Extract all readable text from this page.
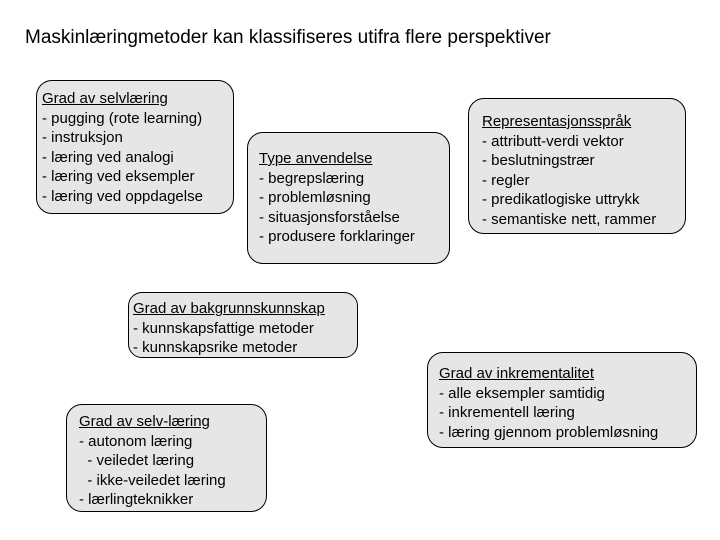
Maskinlæringmetoder kan klassifiseres utifra flere perspektiver
Grad av selvlæring
- pugging (rote learning)
- instruksjon
- læring ved analogi
- læring ved eksempler
- læring ved oppdagelse
Type anvendelse
- begrepslæring
- problemløsning
- situasjonsforståelse
- produsere forklaringer
Representasjonsspråk
- attributt-verdi vektor
- beslutningstrær
- regler
- predikatlogiske uttrykk
- semantiske nett, rammer
Grad av bakgrunnskunnskap
- kunnskapsfattige metoder
- kunnskapsrike metoder
Grad av inkrementalitet
- alle eksempler samtidig
- inkrementell læring
- læring gjennom problemløsning
Grad av selv-læring
- autonom læring
- veiledet læring
- ikke-veiledet læring
- lærlingteknikker
